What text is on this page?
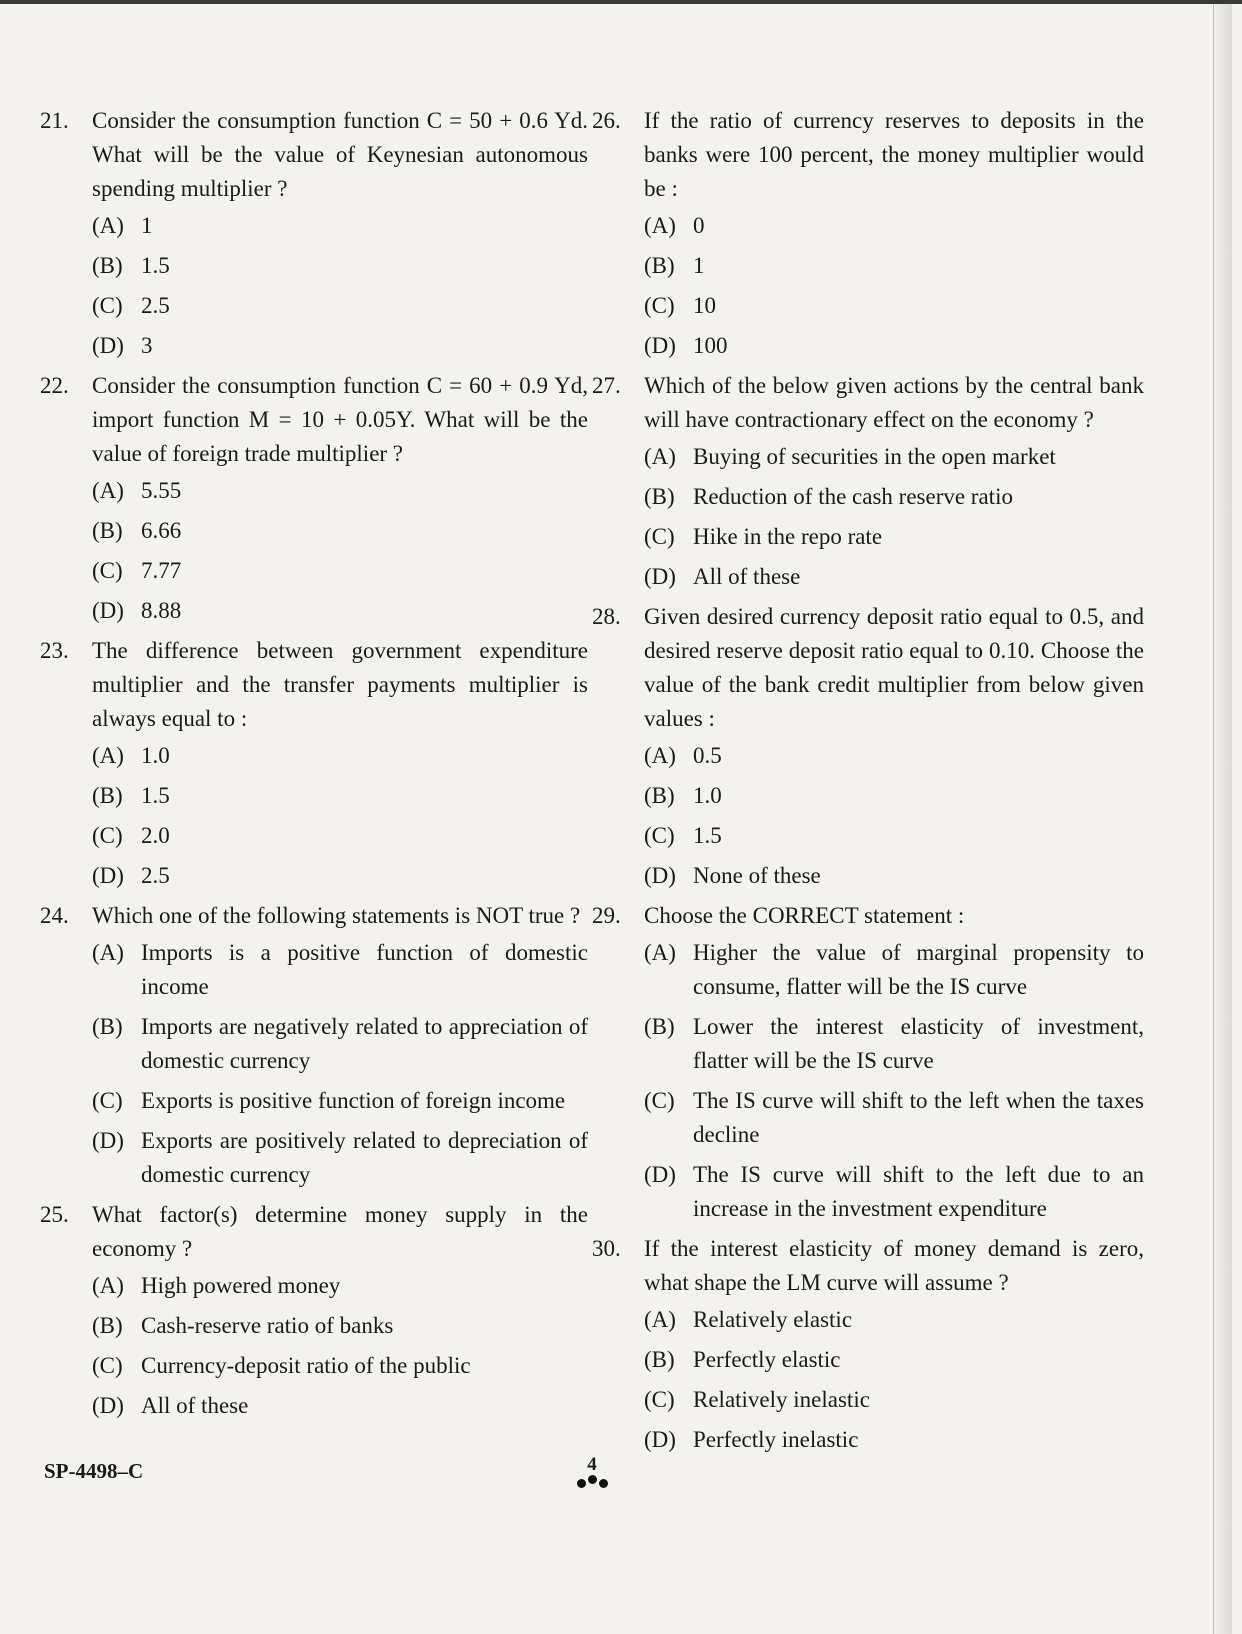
21. Consider the consumption function C = 50 + 0.6 Yd. What will be the value of Keynesian autonomous spending multiplier ?
(A) 1
(B) 1.5
(C) 2.5
(D) 3
22. Consider the consumption function C = 60 + 0.9 Yd, import function M = 10 + 0.05Y. What will be the value of foreign trade multiplier ?
(A) 5.55
(B) 6.66
(C) 7.77
(D) 8.88
23. The difference between government expenditure multiplier and the transfer payments multiplier is always equal to :
(A) 1.0
(B) 1.5
(C) 2.0
(D) 2.5
24. Which one of the following statements is NOT true ?
(A) Imports is a positive function of domestic income
(B) Imports are negatively related to appreciation of domestic currency
(C) Exports is positive function of foreign income
(D) Exports are positively related to depreciation of domestic currency
25. What factor(s) determine money supply in the economy ?
(A) High powered money
(B) Cash-reserve ratio of banks
(C) Currency-deposit ratio of the public
(D) All of these
26. If the ratio of currency reserves to deposits in the banks were 100 percent, the money multiplier would be :
(A) 0
(B) 1
(C) 10
(D) 100
27. Which of the below given actions by the central bank will have contractionary effect on the economy ?
(A) Buying of securities in the open market
(B) Reduction of the cash reserve ratio
(C) Hike in the repo rate
(D) All of these
28. Given desired currency deposit ratio equal to 0.5, and desired reserve deposit ratio equal to 0.10. Choose the value of the bank credit multiplier from below given values :
(A) 0.5
(B) 1.0
(C) 1.5
(D) None of these
29. Choose the CORRECT statement :
(A) Higher the value of marginal propensity to consume, flatter will be the IS curve
(B) Lower the interest elasticity of investment, flatter will be the IS curve
(C) The IS curve will shift to the left when the taxes decline
(D) The IS curve will shift to the left due to an increase in the investment expenditure
30. If the interest elasticity of money demand is zero, what shape the LM curve will assume ?
(A) Relatively elastic
(B) Perfectly elastic
(C) Relatively inelastic
(D) Perfectly inelastic
SP-4498–C	4
